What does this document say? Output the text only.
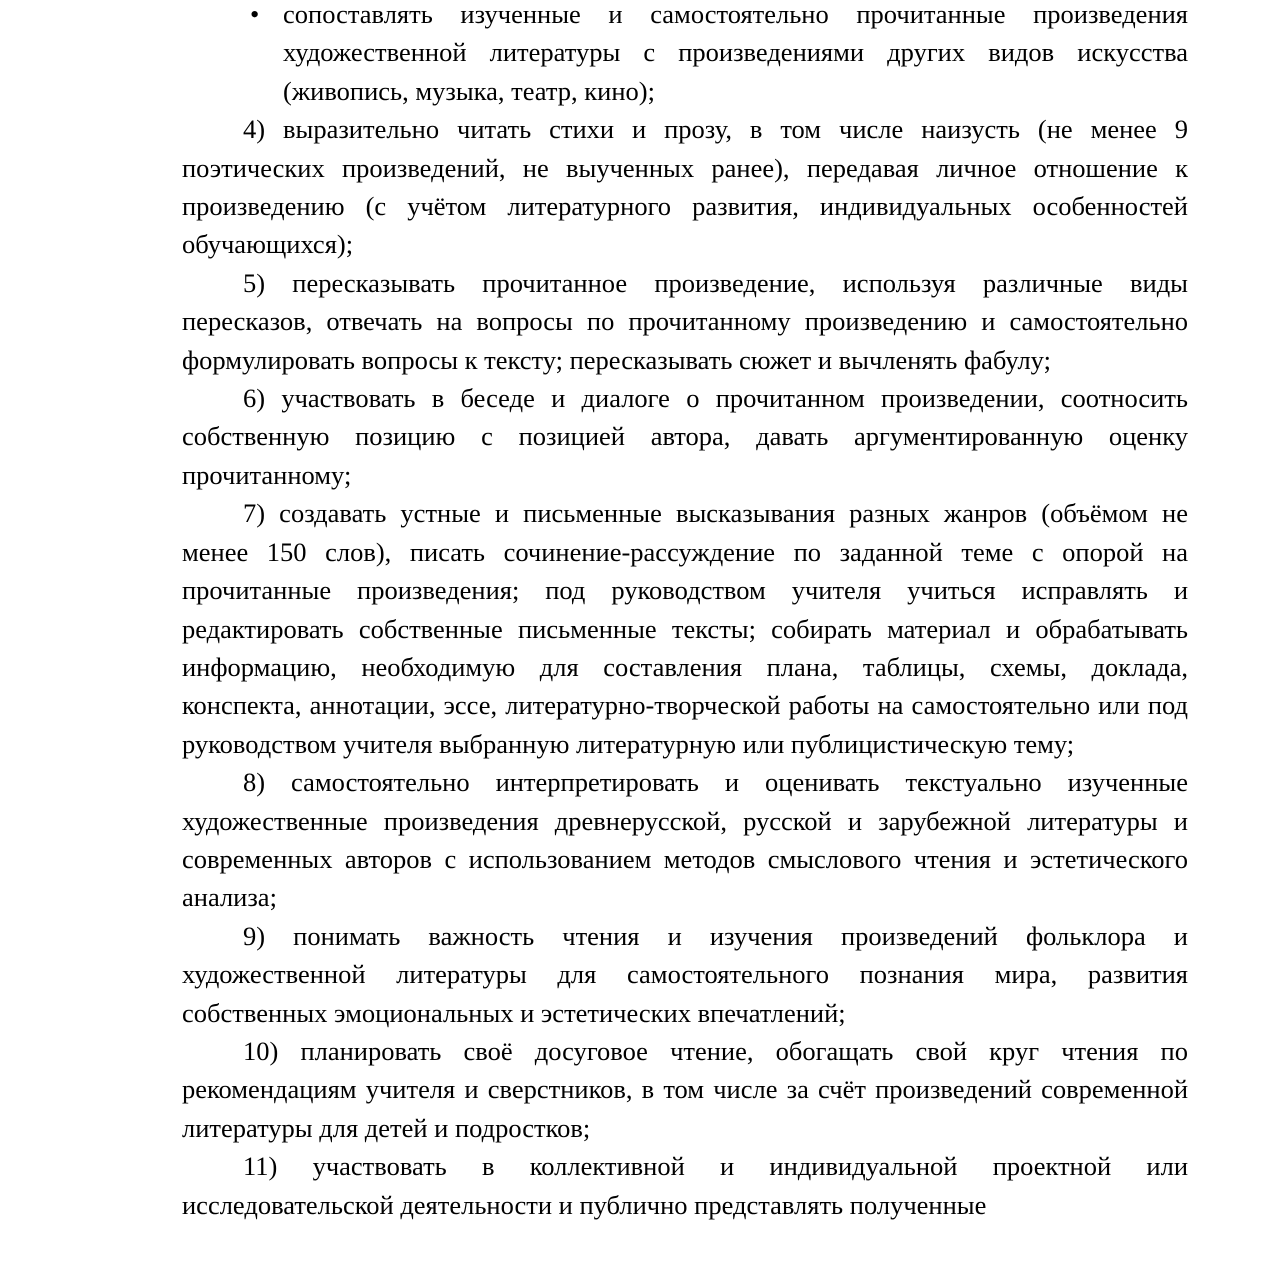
• сопоставлять изученные и самостоятельно прочитанные произведения художественной литературы с произведениями других видов искусства (живопись, музыка, театр, кино);

4) выразительно читать стихи и прозу, в том числе наизусть (не менее 9 поэтических произведений, не выученных ранее), передавая личное отношение к произведению (с учётом литературного развития, индивидуальных особенностей обучающихся);

5) пересказывать прочитанное произведение, используя различные виды пересказов, отвечать на вопросы по прочитанному произведению и самостоятельно формулировать вопросы к тексту; пересказывать сюжет и вычленять фабулу;

6) участвовать в беседе и диалоге о прочитанном произведении, соотносить собственную позицию с позицией автора, давать аргументированную оценку прочитанному;

7) создавать устные и письменные высказывания разных жанров (объёмом не менее 150 слов), писать сочинение-рассуждение по заданной теме с опорой на прочитанные произведения; под руководством учителя учиться исправлять и редактировать собственные письменные тексты; собирать материал и обрабатывать информацию, необходимую для составления плана, таблицы, схемы, доклада, конспекта, аннотации, эссе, литературно-творческой работы на самостоятельно или под руководством учителя выбранную литературную или публицистическую тему;

8) самостоятельно интерпретировать и оценивать текстуально изученные художественные произведения древнерусской, русской и зарубежной литературы и современных авторов с использованием методов смыслового чтения и эстетического анализа;

9) понимать важность чтения и изучения произведений фольклора и художественной литературы для самостоятельного познания мира, развития собственных эмоциональных и эстетических впечатлений;

10) планировать своё досуговое чтение, обогащать свой круг чтения по рекомендациям учителя и сверстников, в том числе за счёт произведений современной литературы для детей и подростков;

11) участвовать в коллективной и индивидуальной проектной или исследовательской деятельности и публично представлять полученные
